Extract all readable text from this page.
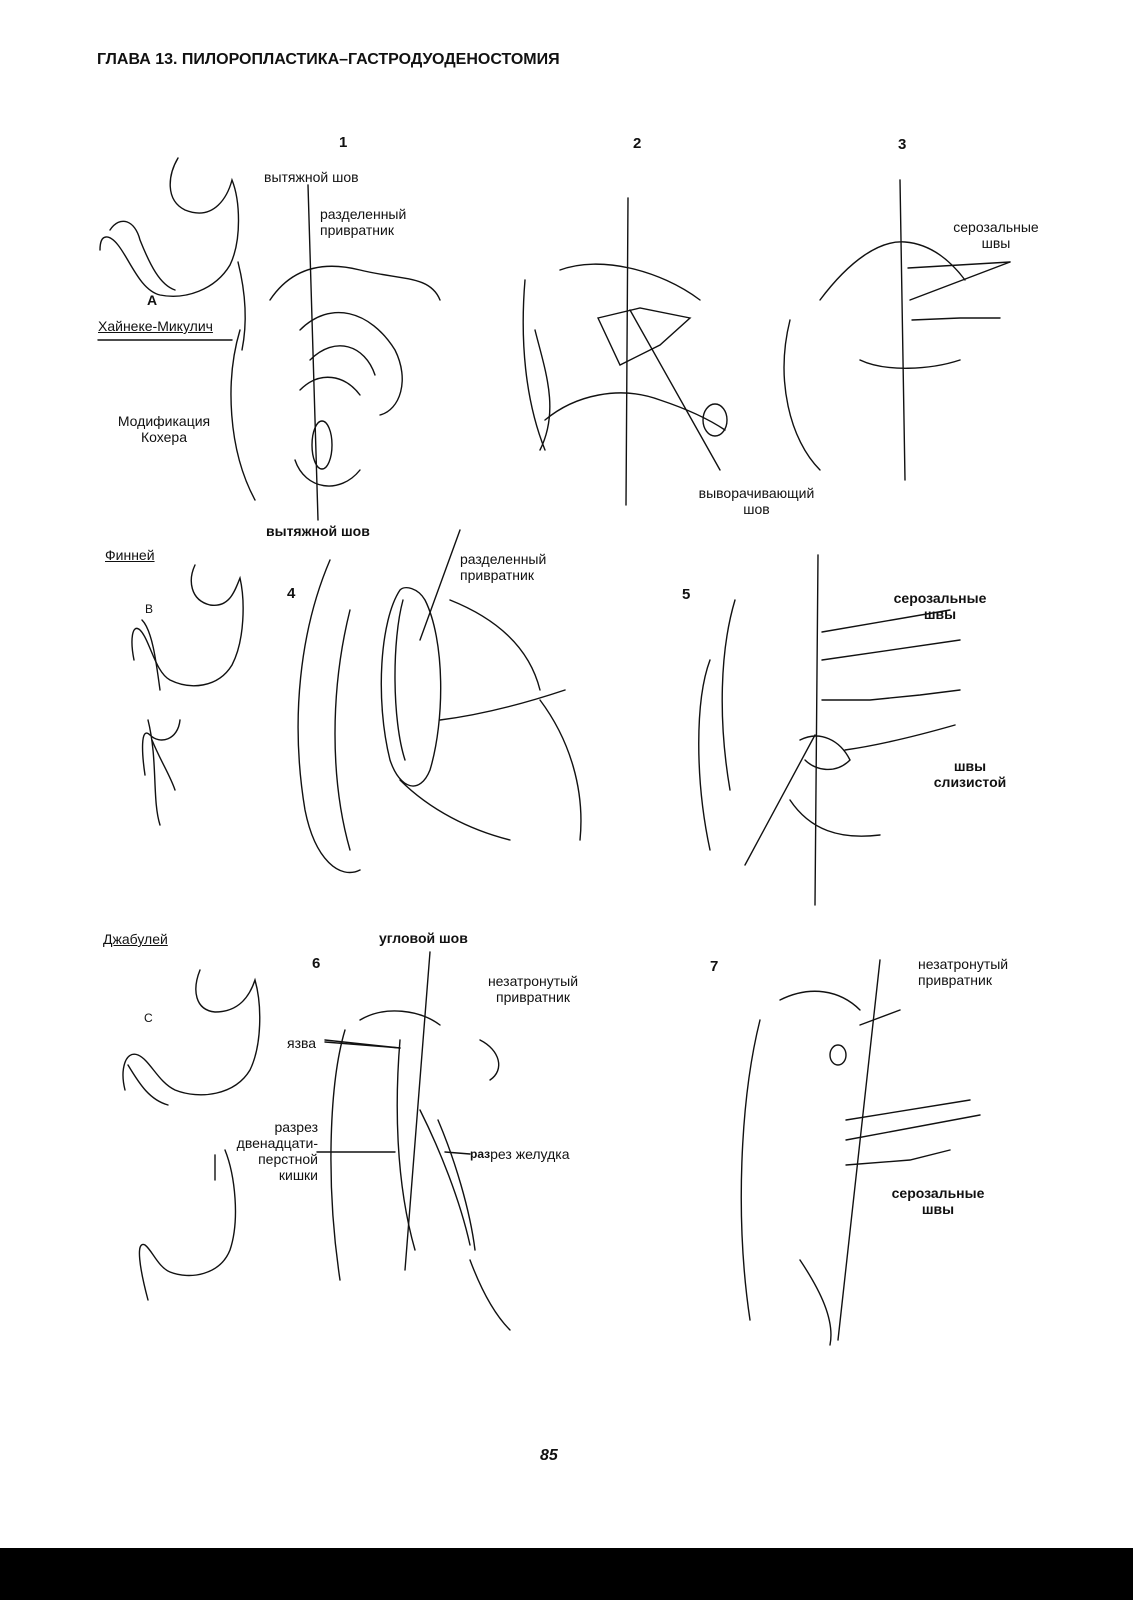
ГЛАВА 13. ПИЛОРОПЛАСТИКА–ГАСТРОДУОДЕНОСТОМИЯ
1	2	3
4	5
6	7
А
Хайнеке-Микулич
Модификация
Кохера
вытяжной шов
разделенный
привратник
вытяжной шов
выворачивающий
шов
серозальные
швы
Финней
В
разделенный
привратник
серозальные
швы
швы
слизистой
Джабулей
С
угловой шов
незатронутый
привратник
язва
разрез
двенадцати-
перстной
кишки
разрез желудка
незатронутый
привратник
серозальные
швы
85
